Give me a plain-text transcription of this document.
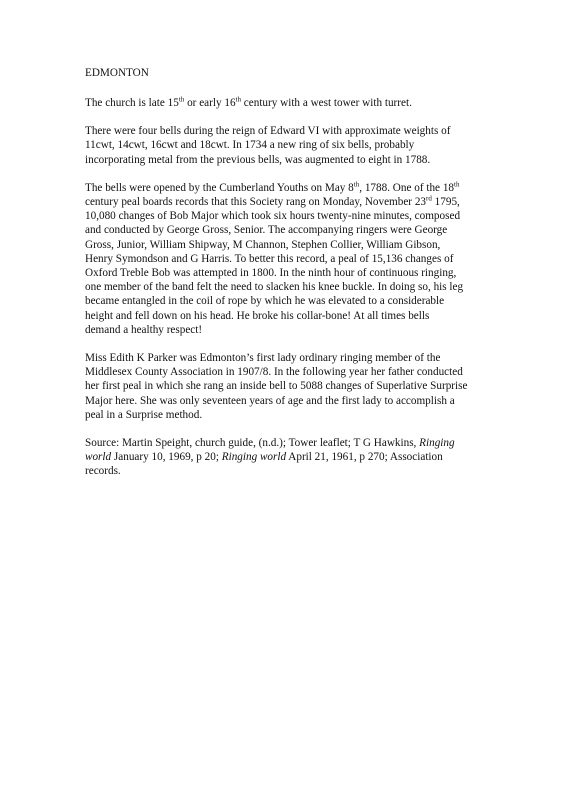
EDMONTON
The church is late 15th or early 16th century with a west tower with turret.
There were four bells during the reign of Edward VI with approximate weights of
11cwt, 14cwt, 16cwt and 18cwt. In 1734 a new ring of six bells, probably
incorporating metal from the previous bells, was augmented to eight in 1788.
The bells were opened by the Cumberland Youths on May 8th, 1788. One of the 18th
century peal boards records that this Society rang on Monday, November 23rd 1795,
10,080 changes of Bob Major which took six hours twenty-nine minutes, composed
and conducted by George Gross, Senior. The accompanying ringers were George
Gross, Junior, William Shipway, M Channon, Stephen Collier, William Gibson,
Henry Symondson and G Harris. To better this record, a peal of 15,136 changes of
Oxford Treble Bob was attempted in 1800. In the ninth hour of continuous ringing,
one member of the band felt the need to slacken his knee buckle. In doing so, his leg
became entangled in the coil of rope by which he was elevated to a considerable
height and fell down on his head. He broke his collar-bone! At all times bells
demand a healthy respect!
Miss Edith K Parker was Edmonton’s first lady ordinary ringing member of the
Middlesex County Association in 1907/8. In the following year her father conducted
her first peal in which she rang an inside bell to 5088 changes of Superlative Surprise
Major here. She was only seventeen years of age and the first lady to accomplish a
peal in a Surprise method.
Source: Martin Speight, church guide, (n.d.); Tower leaflet; T G Hawkins, Ringing
world January 10, 1969, p 20; Ringing world April 21, 1961, p 270; Association
records.
